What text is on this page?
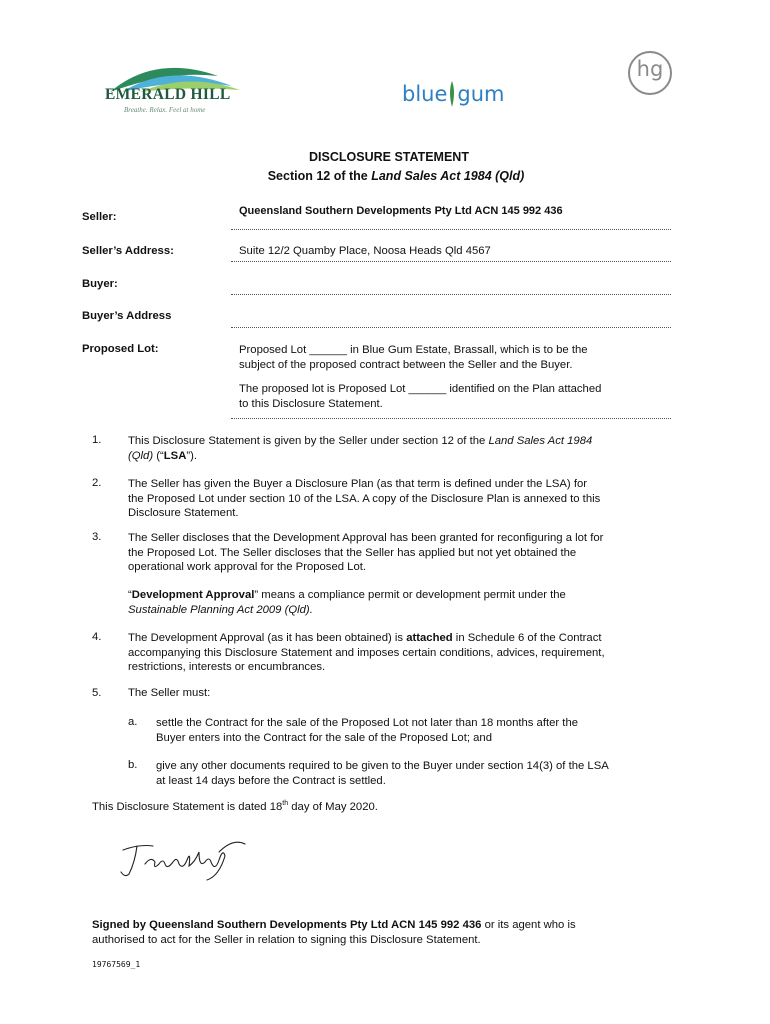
EMERALD HILL
Breathe. Relax. Feel at home
blue gum
hg
DISCLOSURE STATEMENT
Section 12 of the Land Sales Act 1984 (Qld)
Seller:	Queensland Southern Developments Pty Ltd ACN 145 992 436
Seller’s Address:	Suite 12/2 Quamby Place, Noosa Heads Qld 4567
Buyer:
Buyer’s Address
Proposed Lot:	Proposed Lot ______ in Blue Gum Estate, Brassall, which is to be the
subject of the proposed contract between the Seller and the Buyer.
The proposed lot is Proposed Lot ______ identified on the Plan attached
to this Disclosure Statement.
1. This Disclosure Statement is given by the Seller under section 12 of the Land Sales Act 1984
(Qld) (“LSA”).
2. The Seller has given the Buyer a Disclosure Plan (as that term is defined under the LSA) for
the Proposed Lot under section 10 of the LSA. A copy of the Disclosure Plan is annexed to this
Disclosure Statement.
3. The Seller discloses that the Development Approval has been granted for reconfiguring a lot for
the Proposed Lot. The Seller discloses that the Seller has applied but not yet obtained the
operational work approval for the Proposed Lot.
“Development Approval” means a compliance permit or development permit under the
Sustainable Planning Act 2009 (Qld).
4. The Development Approval (as it has been obtained) is attached in Schedule 6 of the Contract
accompanying this Disclosure Statement and imposes certain conditions, advices, requirement,
restrictions, interests or encumbrances.
5. The Seller must:
a. settle the Contract for the sale of the Proposed Lot not later than 18 months after the
Buyer enters into the Contract for the sale of the Proposed Lot; and
b. give any other documents required to be given to the Buyer under section 14(3) of the LSA
at least 14 days before the Contract is settled.
This Disclosure Statement is dated 18th day of May 2020.
Signed by Queensland Southern Developments Pty Ltd ACN 145 992 436 or its agent who is
authorised to act for the Seller in relation to signing this Disclosure Statement.
19767569_1
